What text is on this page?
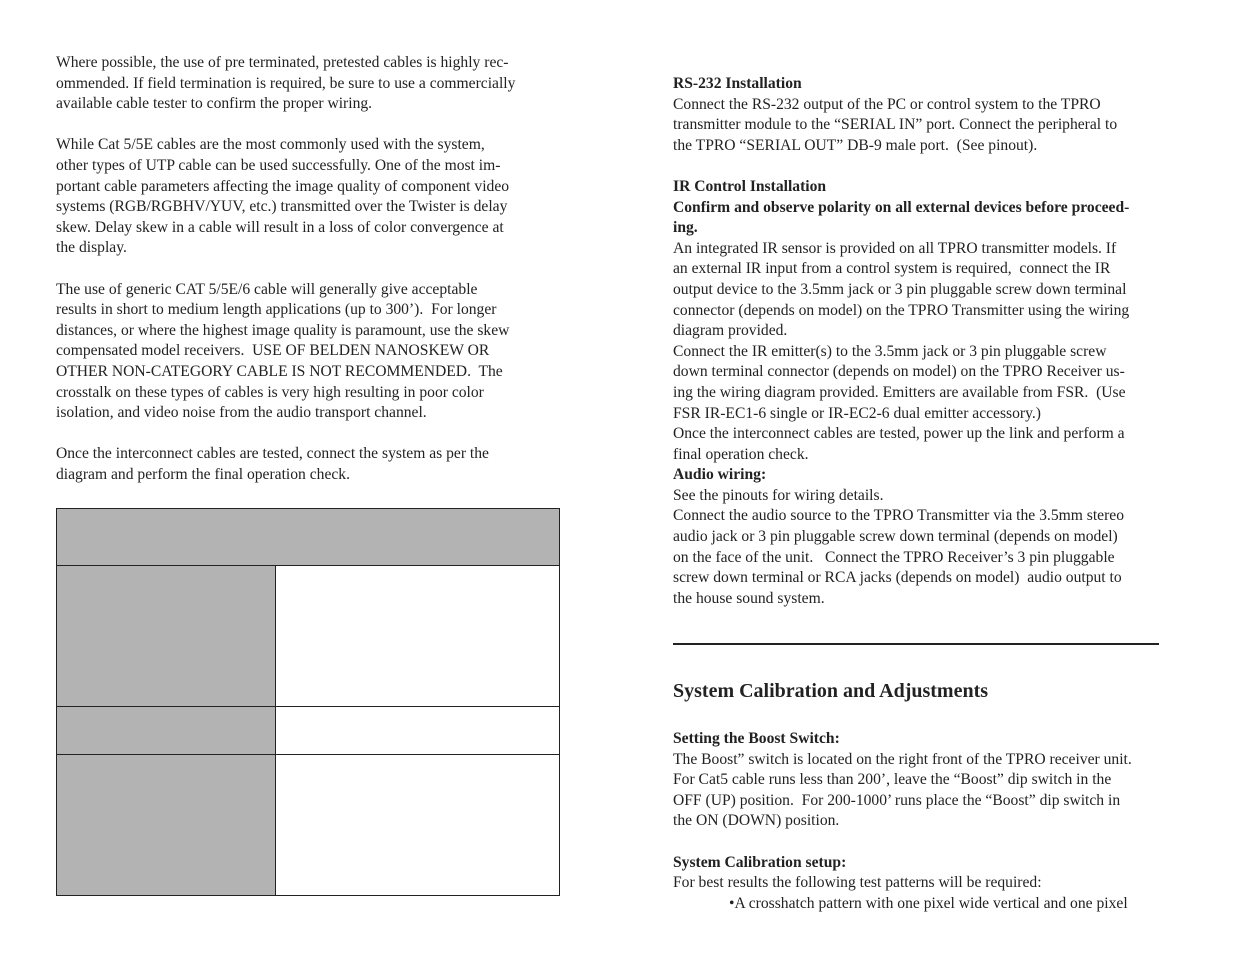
Where possible, the use of pre terminated, pretested cables is highly rec-
ommended. If field termination is required, be sure to use a commercially
available cable tester to confirm the proper wiring.

While Cat 5/5E cables are the most commonly used with the system,
other types of UTP cable can be used successfully. One of the most im-
portant cable parameters affecting the image quality of component video
systems (RGB/RGBHV/YUV, etc.) transmitted over the Twister is delay
skew. Delay skew in a cable will result in a loss of color convergence at
the display.

The use of generic CAT 5/5E/6 cable will generally give acceptable
results in short to medium length applications (up to 300’).  For longer
distances, or where the highest image quality is paramount, use the skew
compensated model receivers.  USE OF BELDEN NANOSKEW OR
OTHER NON-CATEGORY CABLE IS NOT RECOMMENDED.  The
crosstalk on these types of cables is very high resulting in poor color
isolation, and video noise from the audio transport channel.

Once the interconnect cables are tested, connect the system as per the
diagram and perform the final operation check.

RS-232 Installation

Connect the RS-232 output of the PC or control system to the TPRO
transmitter module to the “SERIAL IN” port. Connect the peripheral to
the TPRO “SERIAL OUT” DB-9 male port.  (See pinout).

IR Control Installation
Confirm and observe polarity on all external devices before proceed-
ing.

An integrated IR sensor is provided on all TPRO transmitter models. If
an external IR input from a control system is required,  connect the IR
output device to the 3.5mm jack or 3 pin pluggable screw down terminal
connector (depends on model) on the TPRO Transmitter using the wiring
diagram provided.
Connect the IR emitter(s) to the 3.5mm jack or 3 pin pluggable screw
down terminal connector (depends on model) on the TPRO Receiver us-
ing the wiring diagram provided. Emitters are available from FSR.  (Use
FSR IR-EC1-6 single or IR-EC2-6 dual emitter accessory.)
Once the interconnect cables are tested, power up the link and perform a
final operation check.

Audio wiring:

See the pinouts for wiring details.
Connect the audio source to the TPRO Transmitter via the 3.5mm stereo
audio jack or 3 pin pluggable screw down terminal (depends on model)
on the face of the unit.   Connect the TPRO Receiver’s 3 pin pluggable
screw down terminal or RCA jacks (depends on model)  audio output to
the house sound system.

System Calibration and Adjustments
Setting the Boost Switch:

The Boost” switch is located on the right front of the TPRO receiver unit.
For Cat5 cable runs less than 200’, leave the “Boost” dip switch in the
OFF (UP) position.  For 200-1000’ runs place the “Boost” dip switch in
the ON (DOWN) position.

System Calibration setup:

For best results the following test patterns will be required:
•A crosshatch pattern with one pixel wide vertical and one pixel
